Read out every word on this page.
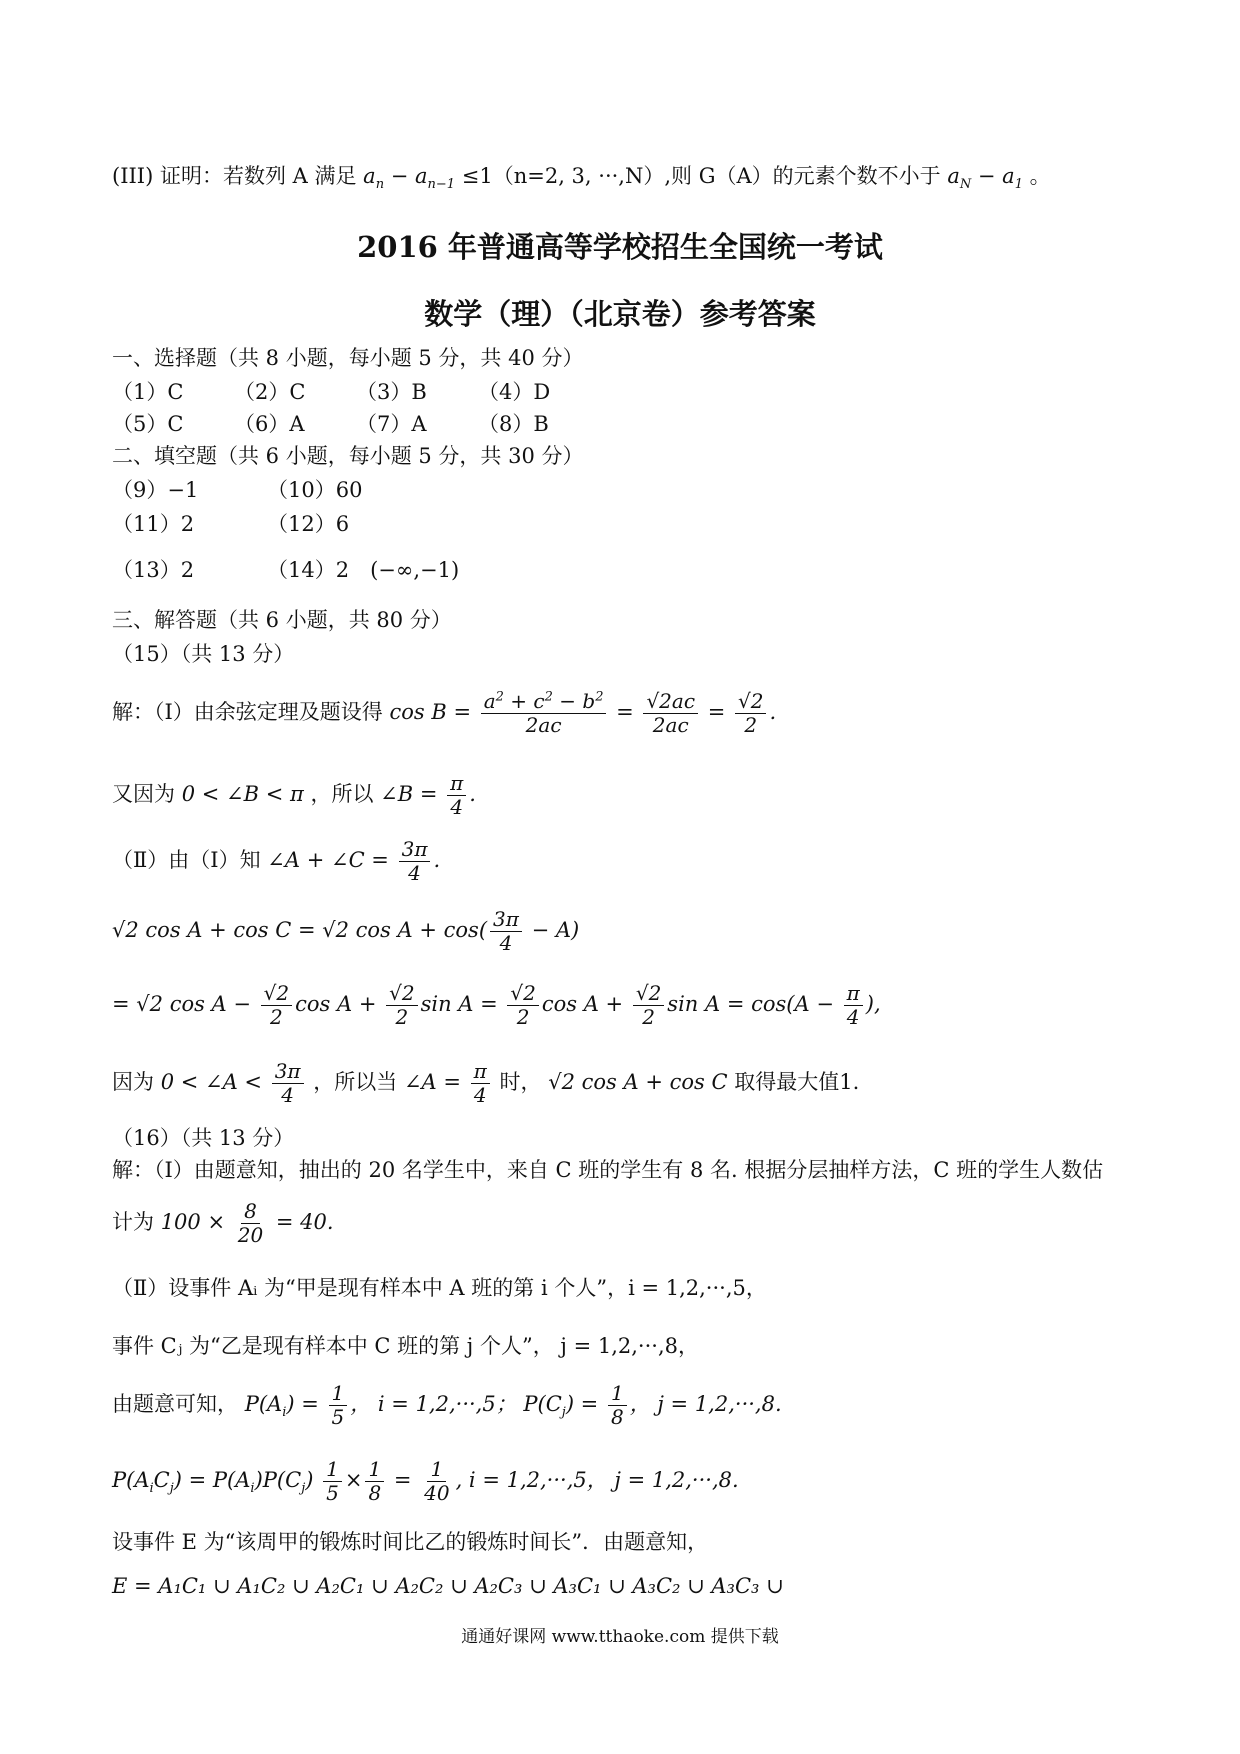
(III) 证明：若数列 A 满足 $a_n - a_{n-1} \le 1(n=2$, 3, ···,N）,则 G（A）的元素个数不小于 $a_N - a_1$ 。
2016 年普通高等学校招生全国统一考试
数学（理）（北京卷）参考答案
一、选择题（共 8 小题，每小题 5 分，共 40 分）
（1）C	（2）C	（3）B	（4）D
（5）C	（6）A	（7）A	（8）B
二、填空题（共 6 小题，每小题 5 分，共 30 分）
（9）−1	（10）60
（11）2	（12）6
（13）2	（14）2　(−∞,−1)
三、解答题（共 6 小题，共 80 分）
（15）（共 13 分）
解：（Ⅰ）由余弦定理及题设得 $\cos B = \frac{a^2 + c^2 - b^2}{2ac} = \frac{√2ac}{2ac} = \frac{√2}{2}$ .
又因为 0 < ∠B < π ，所以 ∠B = $\frac{\pi}{4}$ .
（Ⅱ）由（Ⅰ）知 ∠A + ∠C = $\frac{3\pi}{4}$ .
√2 cos A + cos C = √2 $\cos A + \cos( \frac{3\pi}{4} - A)$
= √2 $\cos A - \frac{√2}{2}$ $\cos A + \frac{√2}{2}$ $\sin A = \frac{√2}{2}$ $\cos A + \frac{√2}{2}$ $\sin A = \cos(A - \frac{\pi}{4}$ ),
因为 0 < ∠A < $\frac{3\pi}{4}$ ，所以当 ∠A = $\frac{\pi}{4}$ 时， √2 cos A + cos C 取得最大值1.
（16）（共 13 分）
解：（Ⅰ）由题意知，抽出的 20 名学生中，来自 C 班的学生有 8 名. 根据分层抽样方法，C 班的学生人数估
计为 $100 \times \frac{8}{20} = 40$.
（Ⅱ）设事件 Aᵢ 为“甲是现有样本中 A 班的第 i 个人”，i = 1,2,···,5，
事件 Cⱼ 为“乙是现有样本中 C 班的第 j 个人”， j = 1,2,···,8，
由题意可知， $P(A_i) = \frac{1}{5}$ ， i = 1,2,···,5； $P(C_j) = \frac{1}{8}$ ， j = 1,2,···,8.
$P(A_iC_j) = P(A_i)P(C_j) \frac{1}{5} \times \frac{1}{8} = \frac{1}{40}$ , i = 1,2,···,5， j = 1,2,···,8.
设事件 E 为“该周甲的锻炼时间比乙的锻炼时间长”．由题意知，
E = A₁C₁ ∪ A₁C₂ ∪ A₂C₁ ∪ A₂C₂ ∪ A₂C₃ ∪ A₃C₁ ∪ A₃C₂ ∪ A₃C₃ ∪
通通好课网 www.tthaoke.com 提供下载
